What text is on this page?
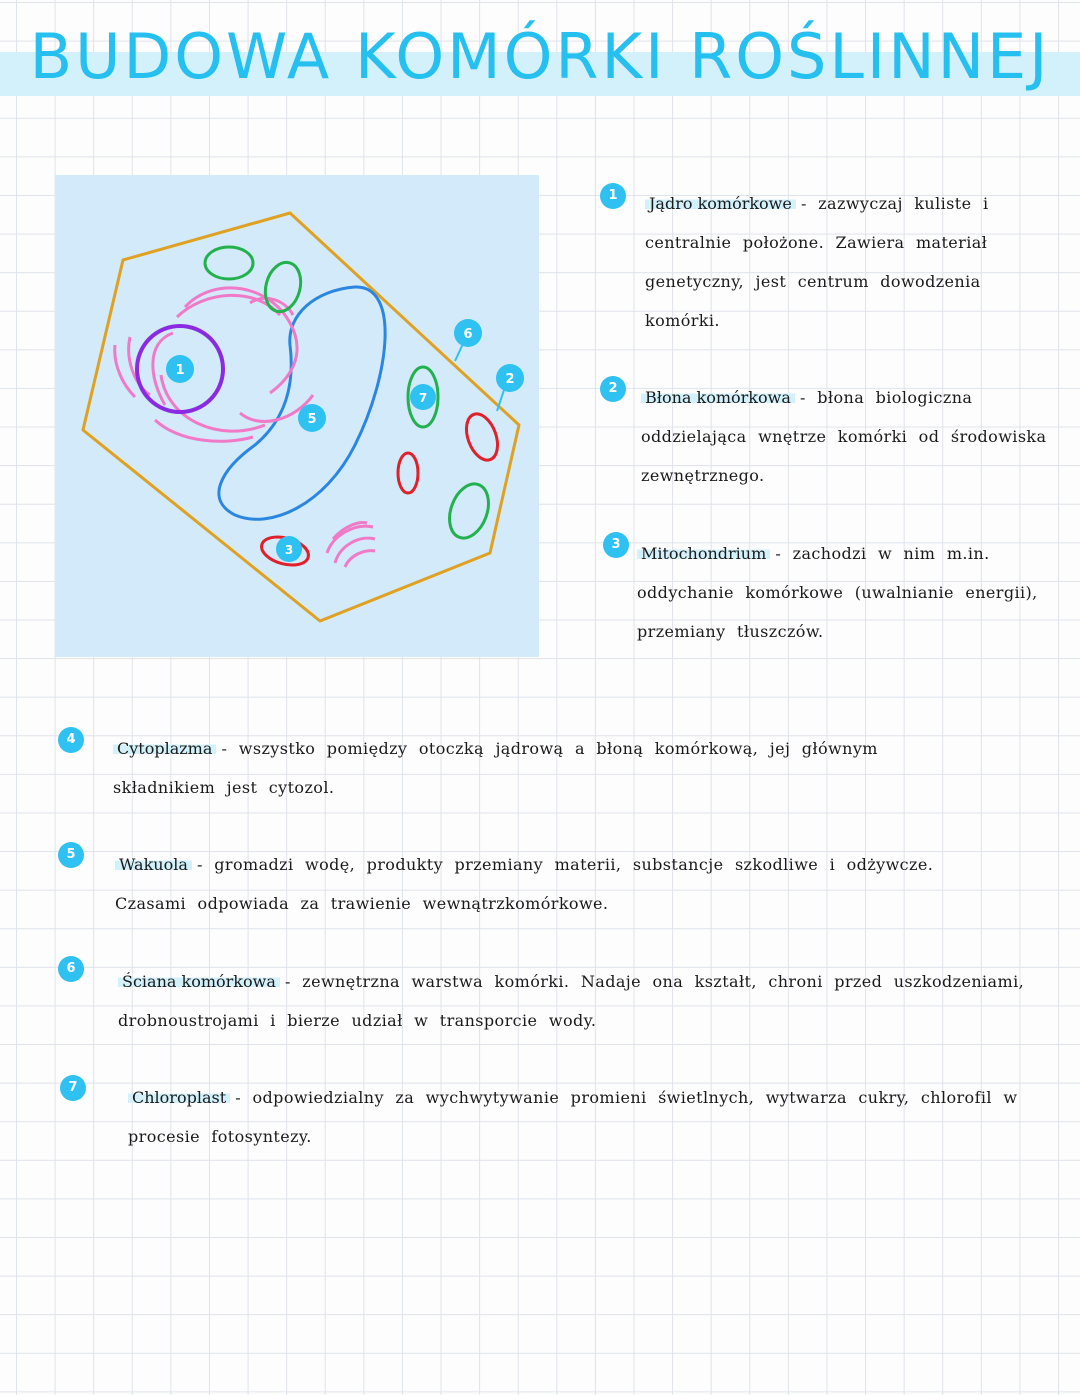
BUDOWA KOMÓRKI ROŚLINNEJ
1
5
6
2
7
3
1	Jądro komórkowe - zazwyczaj kuliste i centralnie położone. Zawiera materiał genetyczny, jest centrum dowodzenia komórki.
2	Błona komórkowa - błona biologiczna oddzielająca wnętrze komórki od środowiska zewnętrznego.
3	Mitochondrium - zachodzi w nim m.in. oddychanie komórkowe (uwalnianie energii), przemiany tłuszczów.
4	Cytoplazma - wszystko pomiędzy otoczką jądrową a błoną komórkową, jej głównym składnikiem jest cytozol.
5
Wakuola - gromadzi wodę, produkty przemiany materii, substancje szkodliwe i odżywcze. Czasami odpowiada za trawienie wewnątrzkomórkowe.
6
Ściana komórkowa - zewnętrzna warstwa komórki. Nadaje ona kształt, chroni przed uszkodzeniami, drobnoustrojami i bierze udział w transporcie wody.
7
Chloroplast - odpowiedzialny za wychwytywanie promieni świetlnych, wytwarza cukry, chlorofil w procesie fotosyntezy.
